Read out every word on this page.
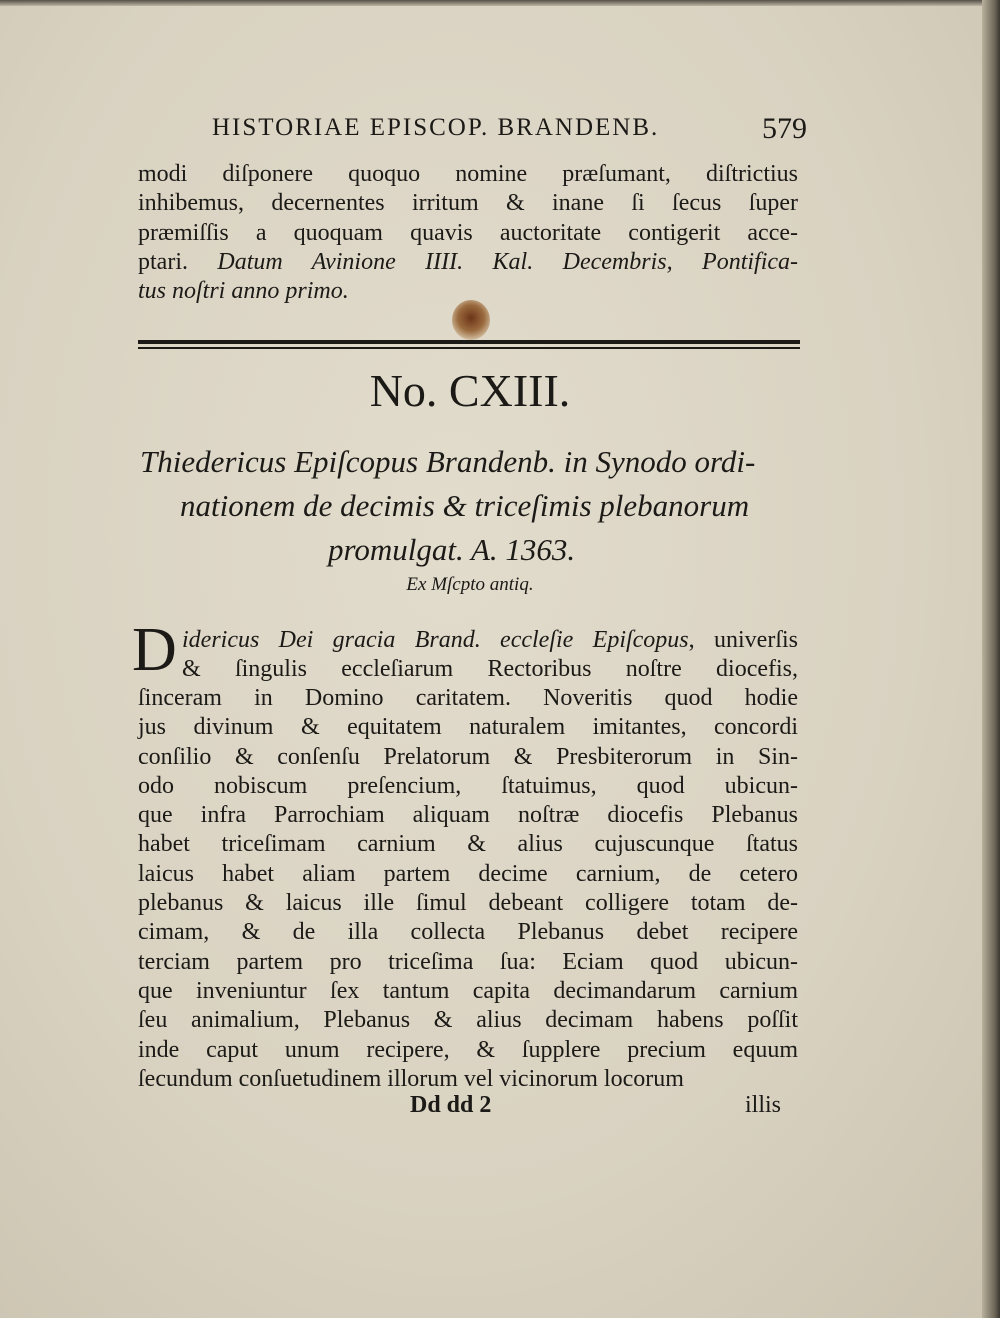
HISTORIAE EPISCOP. BRANDENB.	579
modi diſponere quoquo nomine præſumant, diſtrictius
inhibemus, decernentes irritum & inane ſi ſecus ſuper
præmiſſis a quoquam quavis auctoritate contigerit acce-
ptari. Datum Avinione IIII. Kal. Decembris, Pontifica-
tus noſtri anno primo.
No. CXIII.
Thiedericus Epiſcopus Brandenb. in Synodo ordi-
nationem de decimis & triceſimis plebanorum
promulgat. A. 1363.
Ex Mſcpto antiq.
D idericus Dei gracia Brand. eccleſie Epiſcopus, univerſis
& ſingulis eccleſiarum Rectoribus noſtre diocefis,
ſinceram in Domino caritatem. Noveritis quod hodie
jus divinum & equitatem naturalem imitantes, concordi
conſilio & conſenſu Prelatorum & Presbiterorum in Sin-
odo nobiscum preſencium, ſtatuimus, quod ubicun-
que infra Parrochiam aliquam noſtræ diocefis Plebanus
habet triceſimam carnium & alius cujuscunque ſtatus
laicus habet aliam partem decime carnium, de cetero
plebanus & laicus ille ſimul debeant colligere totam de-
cimam, & de illa collecta Plebanus debet recipere
terciam partem pro triceſima ſua: Eciam quod ubicun-
que inveniuntur ſex tantum capita decimandarum carnium
ſeu animalium, Plebanus & alius decimam habens poſſit
inde caput unum recipere, & ſupplere precium equum
ſecundum conſuetudinem illorum vel vicinorum locorum
Dd dd 2	illis
